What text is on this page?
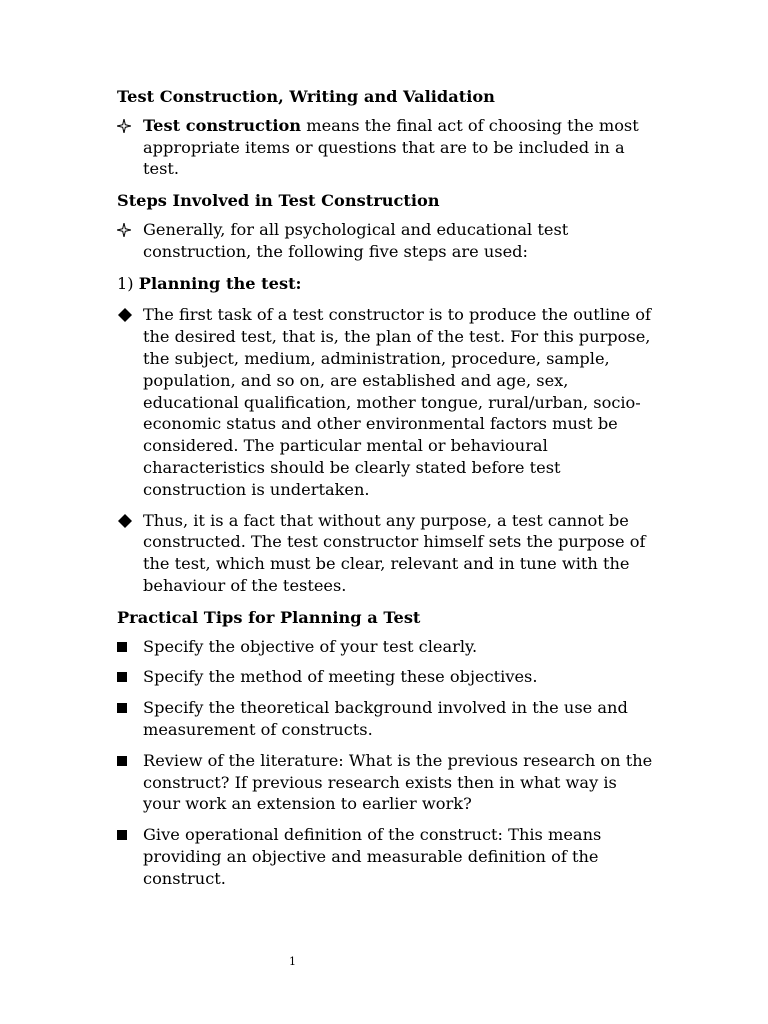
Test Construction, Writing and Validation

Test construction means the final act of choosing the most appropriate items or questions that are to be included in a test.

Steps Involved in Test Construction

Generally, for all psychological and educational test construction, the following five steps are used:

1) Planning the test:

The first task of a test constructor is to produce the outline of the desired test, that is, the plan of the test. For this purpose, the subject, medium, administration, procedure, sample, population, and so on, are established and age, sex, educational qualification, mother tongue, rural/urban, socio-economic status and other environmental factors must be considered. The particular mental or behavioural characteristics should be clearly stated before test construction is undertaken.
Thus, it is a fact that without any purpose, a test cannot be constructed. The test constructor himself sets the purpose of the test, which must be clear, relevant and in tune with the behaviour of the testees.

Practical Tips for Planning a Test

Specify the objective of your test clearly.
Specify the method of meeting these objectives.
Specify the theoretical background involved in the use and measurement of constructs.
Review of the literature: What is the previous research on the construct? If previous research exists then in what way is your work an extension to earlier work?
Give operational definition of the construct: This means providing an objective and measurable definition of the construct.
1
